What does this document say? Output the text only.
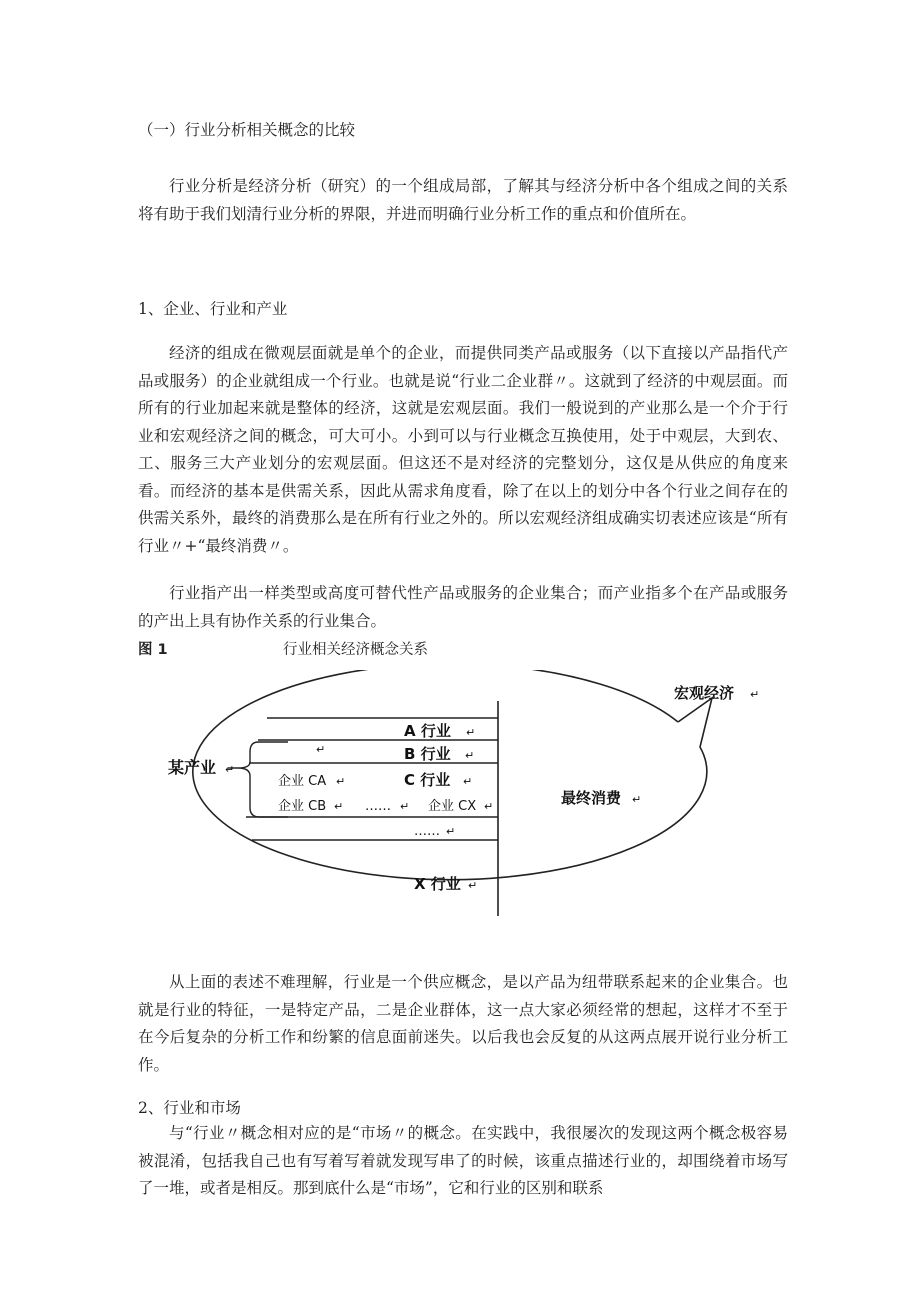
（一）行业分析相关概念的比较

行业分析是经济分析（研究）的一个组成局部，了解其与经济分析中各个组成之间的关系将有助于我们划清行业分析的界限，并进而明确行业分析工作的重点和价值所在。

1、企业、行业和产业

经济的组成在微观层面就是单个的企业，而提供同类产品或服务（以下直接以产品指代产品或服务）的企业就组成一个行业。也就是说“行业二企业群〃。这就到了经济的中观层面。而所有的行业加起来就是整体的经济，这就是宏观层面。我们一般说到的产业那么是一个介于行业和宏观经济之间的概念，可大可小。小到可以与行业概念互换使用，处于中观层，大到农、工、服务三大产业划分的宏观层面。但这还不是对经济的完整划分，这仅是从供应的角度来看。而经济的基本是供需关系，因此从需求角度看，除了在以上的划分中各个行业之间存在的供需关系外，最终的消费那么是在所有行业之外的。所以宏观经济组成确实切表述应该是“所有行业〃+“最终消费〃。

行业指产出一样类型或高度可替代性产品或服务的企业集合；而产业指多个在产品或服务的产出上具有协作关系的行业集合。

图 1	行业相关经济概念关系
宏观经济
某产业
A 行业
B 行业
C 行业
企业 CA
企业 CB	……	企业 CX
……
X 行业
最终消费
↵
↵
↵
↵	↵
↵	↵
↵	↵	↵
↵
↵
↵

从上面的表述不难理解，行业是一个供应概念，是以产品为纽带联系起来的企业集合。也就是行业的特征，一是特定产品，二是企业群体，这一点大家必须经常的想起，这样才不至于在今后复杂的分析工作和纷繁的信息面前迷失。以后我也会反复的从这两点展开说行业分析工作。

2、行业和市场

与“行业〃概念相对应的是“市场〃的概念。在实践中，我很屡次的发现这两个概念极容易被混淆，包括我自己也有写着写着就发现写串了的时候，该重点描述行业的，却围绕着市场写了一堆，或者是相反。那到底什么是“市场”，它和行业的区别和联系
